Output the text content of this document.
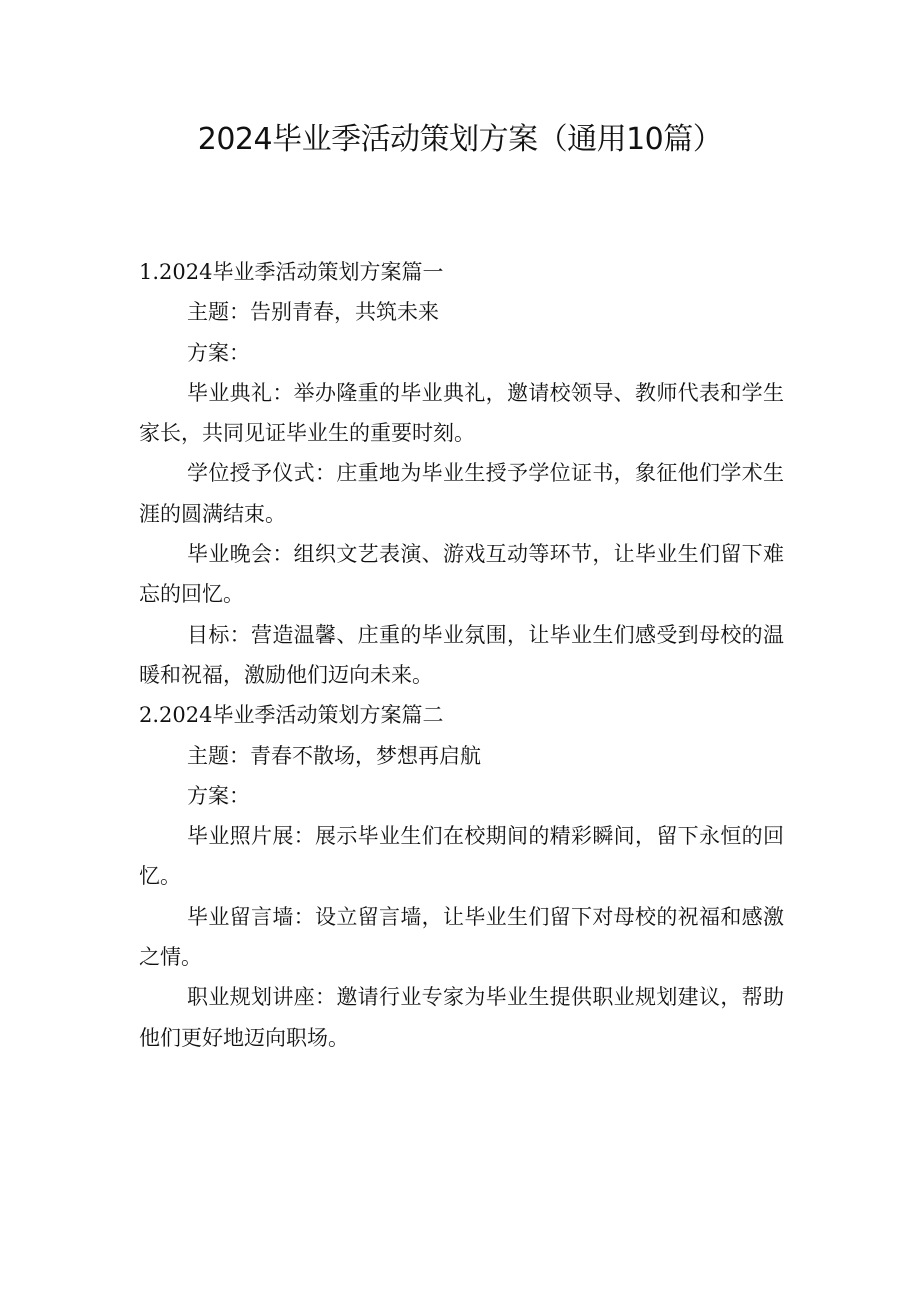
2024毕业季活动策划方案（通用10篇）

1.2024毕业季活动策划方案篇一

主题：告别青春，共筑未来

方案：

毕业典礼：举办隆重的毕业典礼，邀请校领导、教师代表和学生家长，共同见证毕业生的重要时刻。

学位授予仪式：庄重地为毕业生授予学位证书，象征他们学术生涯的圆满结束。

毕业晚会：组织文艺表演、游戏互动等环节，让毕业生们留下难忘的回忆。

目标：营造温馨、庄重的毕业氛围，让毕业生们感受到母校的温暖和祝福，激励他们迈向未来。

2.2024毕业季活动策划方案篇二

主题：青春不散场，梦想再启航

方案：

毕业照片展：展示毕业生们在校期间的精彩瞬间，留下永恒的回忆。

毕业留言墙：设立留言墙，让毕业生们留下对母校的祝福和感激之情。

职业规划讲座：邀请行业专家为毕业生提供职业规划建议，帮助他们更好地迈向职场。
